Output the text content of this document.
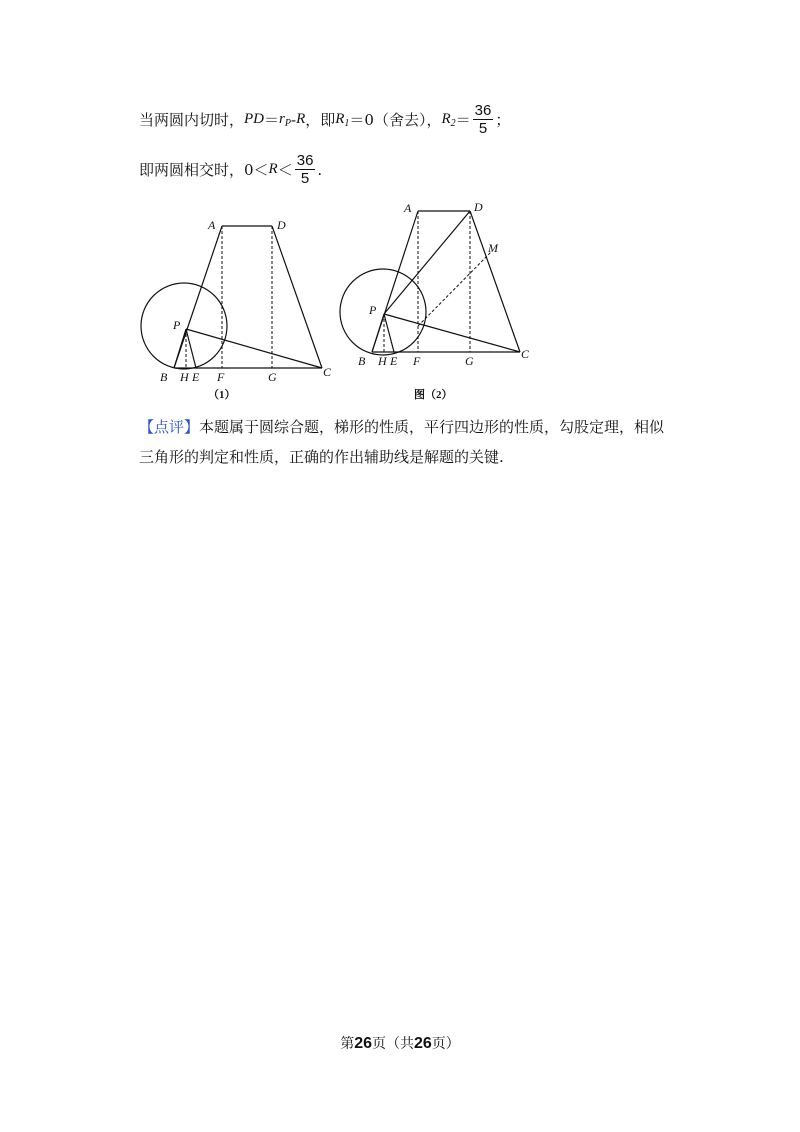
当两圆内切时， PD ＝ $r_P$ - R ，即 $R_1 =0$（舍去）， $R_2 = \frac{36}{5}$ ；
即两圆相交时，$0< R < \frac{36}{5}$ .
A	D
P
B H E F	G	C
（1）
A	D
M
P
B H E F	G	C
图（2）
【点评】本题属于圆综合题，梯形的性质，平行四边形的性质，勾股定理，相似三角形的判定和性质，正确的作出辅助线是解题的关键.
第26页（共26页）
